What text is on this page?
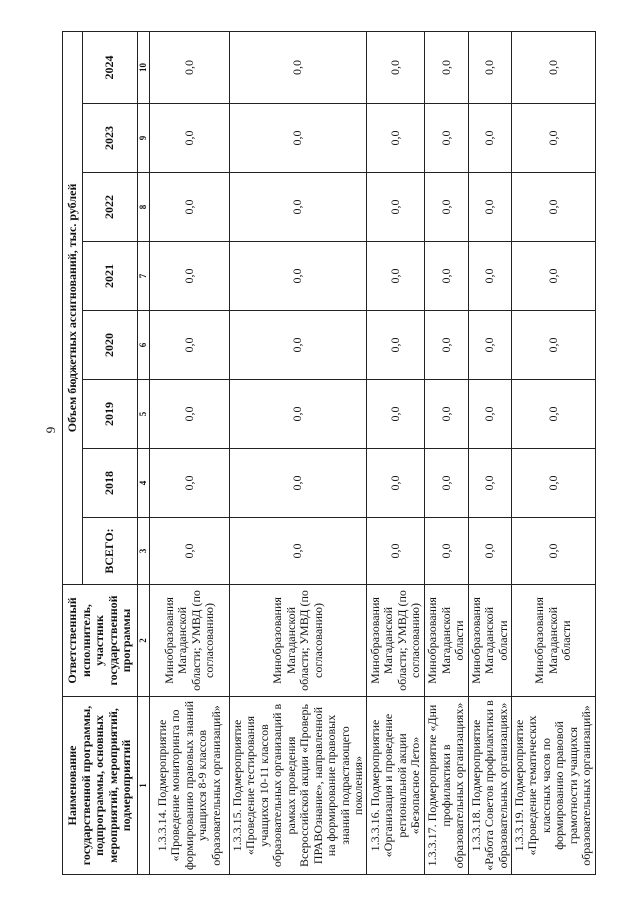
9
Наименование государственной программы, подпрограммы, основных мероприятий, мероприятий, подмероприятий	Ответственный исполнитель, участник государственной программы	Объем бюджетных ассигнований, тыс. рублей							
		ВСЕГО:	2018	2019	2020	2021	2022	2023	2024
1	2	3	4	5	6	7	8	9	10
1.3.3.14. Подмероприятие «Проведение мониторинга по формированию правовых знаний учащихся 8-9 классов образовательных организаций»	Минобразования Магаданской области; УМВД (по согласованию)	0,0	0,0	0,0	0,0	0,0	0,0	0,0	0,0
1.3.3.15. Подмероприятие «Проведение тестирования учащихся 10-11 классов образовательных организаций в рамках проведения Всероссийской акции «Проверь ПРАВОзнание», направленной на формирование правовых знаний подрастающего поколения»	Минобразования Магаданской области; УМВД (по согласованию)	0,0	0,0	0,0	0,0	0,0	0,0	0,0	0,0
1.3.3.16. Подмероприятие «Организация и проведение региональной акции «Безопасное Лето»	Минобразования Магаданской области; УМВД (по согласованию)	0,0	0,0	0,0	0,0	0,0	0,0	0,0	0,0
1.3.3.17. Подмероприятие «Дни профилактики в образовательных организациях»	Минобразования Магаданской области	0,0	0,0	0,0	0,0	0,0	0,0	0,0	0,0
1.3.3.18. Подмероприятие «Работа Советов профилактики в образовательных организациях»	Минобразования Магаданской области	0,0	0,0	0,0	0,0	0,0	0,0	0,0	0,0
1.3.3.19. Подмероприятие «Проведение тематических классных часов по формированию правовой грамотности учащихся образовательных организаций»	Минобразования Магаданской области	0,0	0,0	0,0	0,0	0,0	0,0	0,0	0,0
